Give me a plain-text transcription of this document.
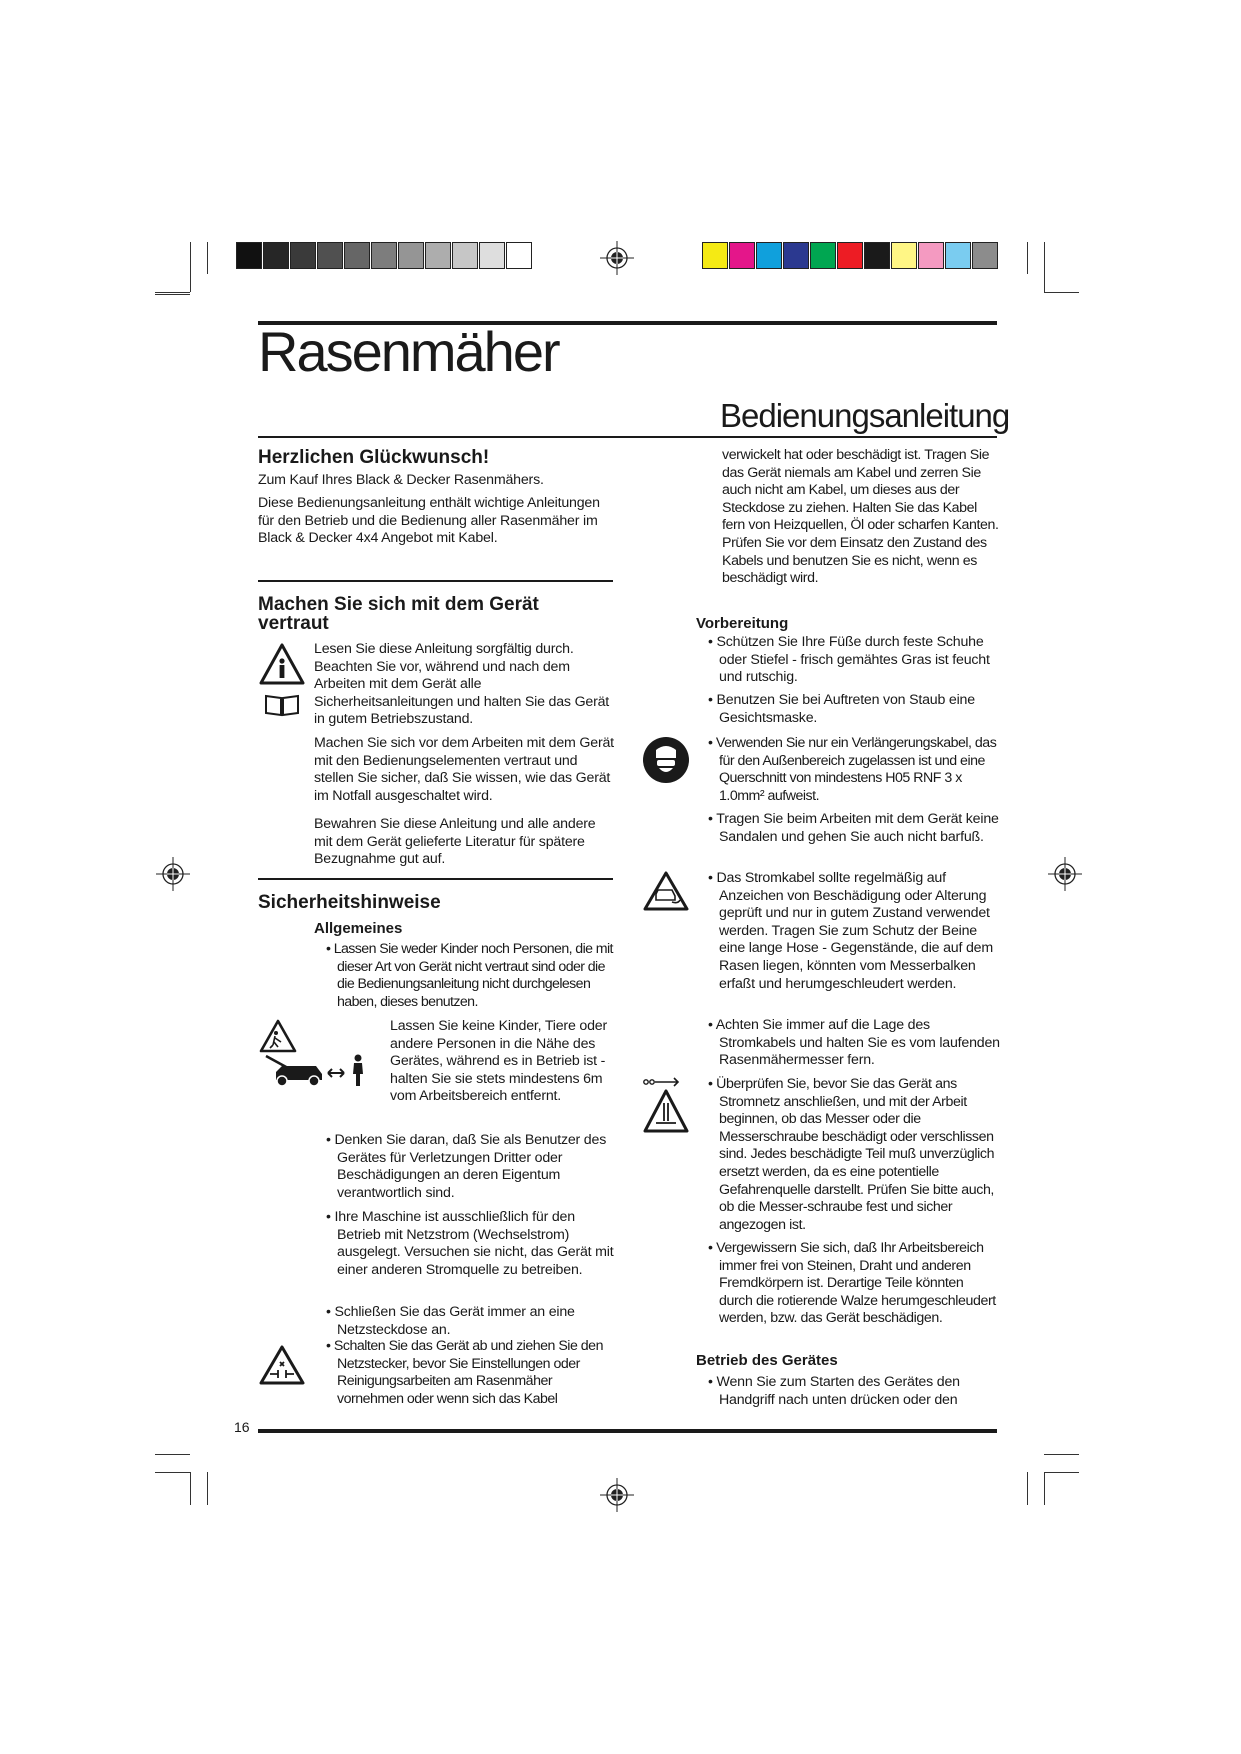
Rasenmäher
Bedienungsanleitung
Herzlichen Glückwunsch!
Zum Kauf Ihres Black & Decker Rasenmähers.
Diese Bedienungsanleitung enthält wichtige Anleitungen für den Betrieb und die Bedienung aller Rasenmäher im Black & Decker 4x4 Angebot mit Kabel.
Machen Sie sich mit dem Gerät vertraut
Lesen Sie diese Anleitung sorgfältig durch. Beachten Sie vor, während und nach dem Arbeiten mit dem Gerät alle Sicherheitsanleitungen und halten Sie das Gerät in gutem Betriebszustand.
Machen Sie sich vor dem Arbeiten mit dem Gerät mit den Bedienungselementen vertraut und stellen Sie sicher, daß Sie wissen, wie das Gerät im Notfall ausgeschaltet wird.
Bewahren Sie diese Anleitung und alle andere mit dem Gerät gelieferte Literatur für spätere Bezugnahme gut auf.
Sicherheitshinweise
Allgemeines
• Lassen Sie weder Kinder noch Personen, die mit dieser Art von Gerät nicht vertraut sind oder die die Bedienungsanleitung nicht durchgelesen haben, dieses benutzen.
Lassen Sie keine Kinder, Tiere oder andere Personen in die Nähe des Gerätes, während es in Betrieb ist - halten Sie sie stets mindestens 6m vom Arbeitsbereich entfernt.
• Denken Sie daran, daß Sie als Benutzer des Gerätes für Verletzungen Dritter oder Beschädigungen an deren Eigentum verantwortlich sind.
• Ihre Maschine ist ausschließlich für den Betrieb mit Netzstrom (Wechselstrom) ausgelegt. Versuchen sie nicht, das Gerät mit einer anderen Stromquelle zu betreiben.
• Schließen Sie das Gerät immer an eine Netzsteckdose an.
• Schalten Sie das Gerät ab und ziehen Sie den Netzstecker, bevor Sie Einstellungen oder Reinigungsarbeiten am Rasenmäher vornehmen oder wenn sich das Kabel
verwickelt hat oder beschädigt ist. Tragen Sie das Gerät niemals am Kabel und zerren Sie auch nicht am Kabel, um dieses aus der Steckdose zu ziehen. Halten Sie das Kabel fern von Heizquellen, Öl oder scharfen Kanten. Prüfen Sie vor dem Einsatz den Zustand des Kabels und benutzen Sie es nicht, wenn es beschädigt wird.
Vorbereitung
• Schützen Sie Ihre Füße durch feste Schuhe oder Stiefel - frisch gemähtes Gras ist feucht und rutschig.
• Benutzen Sie bei Auftreten von Staub eine Gesichtsmaske.
• Verwenden Sie nur ein Verlängerungskabel, das für den Außenbereich zugelassen ist und eine Querschnitt von mindestens H05 RNF 3 x 1.0mm² aufweist.
• Tragen Sie beim Arbeiten mit dem Gerät keine Sandalen und gehen Sie auch nicht barfuß.
• Das Stromkabel sollte regelmäßig auf Anzeichen von Beschädigung oder Alterung geprüft und nur in gutem Zustand verwendet werden. Tragen Sie zum Schutz der Beine eine lange Hose - Gegenstände, die auf dem Rasen liegen, könnten vom Messerbalken erfaßt und herumgeschleudert werden.
• Achten Sie immer auf die Lage des Stromkabels und halten Sie es vom laufenden Rasenmähermesser fern.
• Überprüfen Sie, bevor Sie das Gerät ans Stromnetz anschließen, und mit der Arbeit beginnen, ob das Messer oder die Messerschraube beschädigt oder verschlissen sind. Jedes beschädigte Teil muß unverzüglich ersetzt werden, da es eine potentielle Gefahrenquelle darstellt. Prüfen Sie bitte auch, ob die Messer-schraube fest und sicher angezogen ist.
• Vergewissern Sie sich, daß Ihr Arbeitsbereich immer frei von Steinen, Draht und anderen Fremdkörpern ist. Derartige Teile könnten durch die rotierende Walze herumgeschleudert werden, bzw. das Gerät beschädigen.
Betrieb des Gerätes
• Wenn Sie zum Starten des Gerätes den Handgriff nach unten drücken oder den
16
